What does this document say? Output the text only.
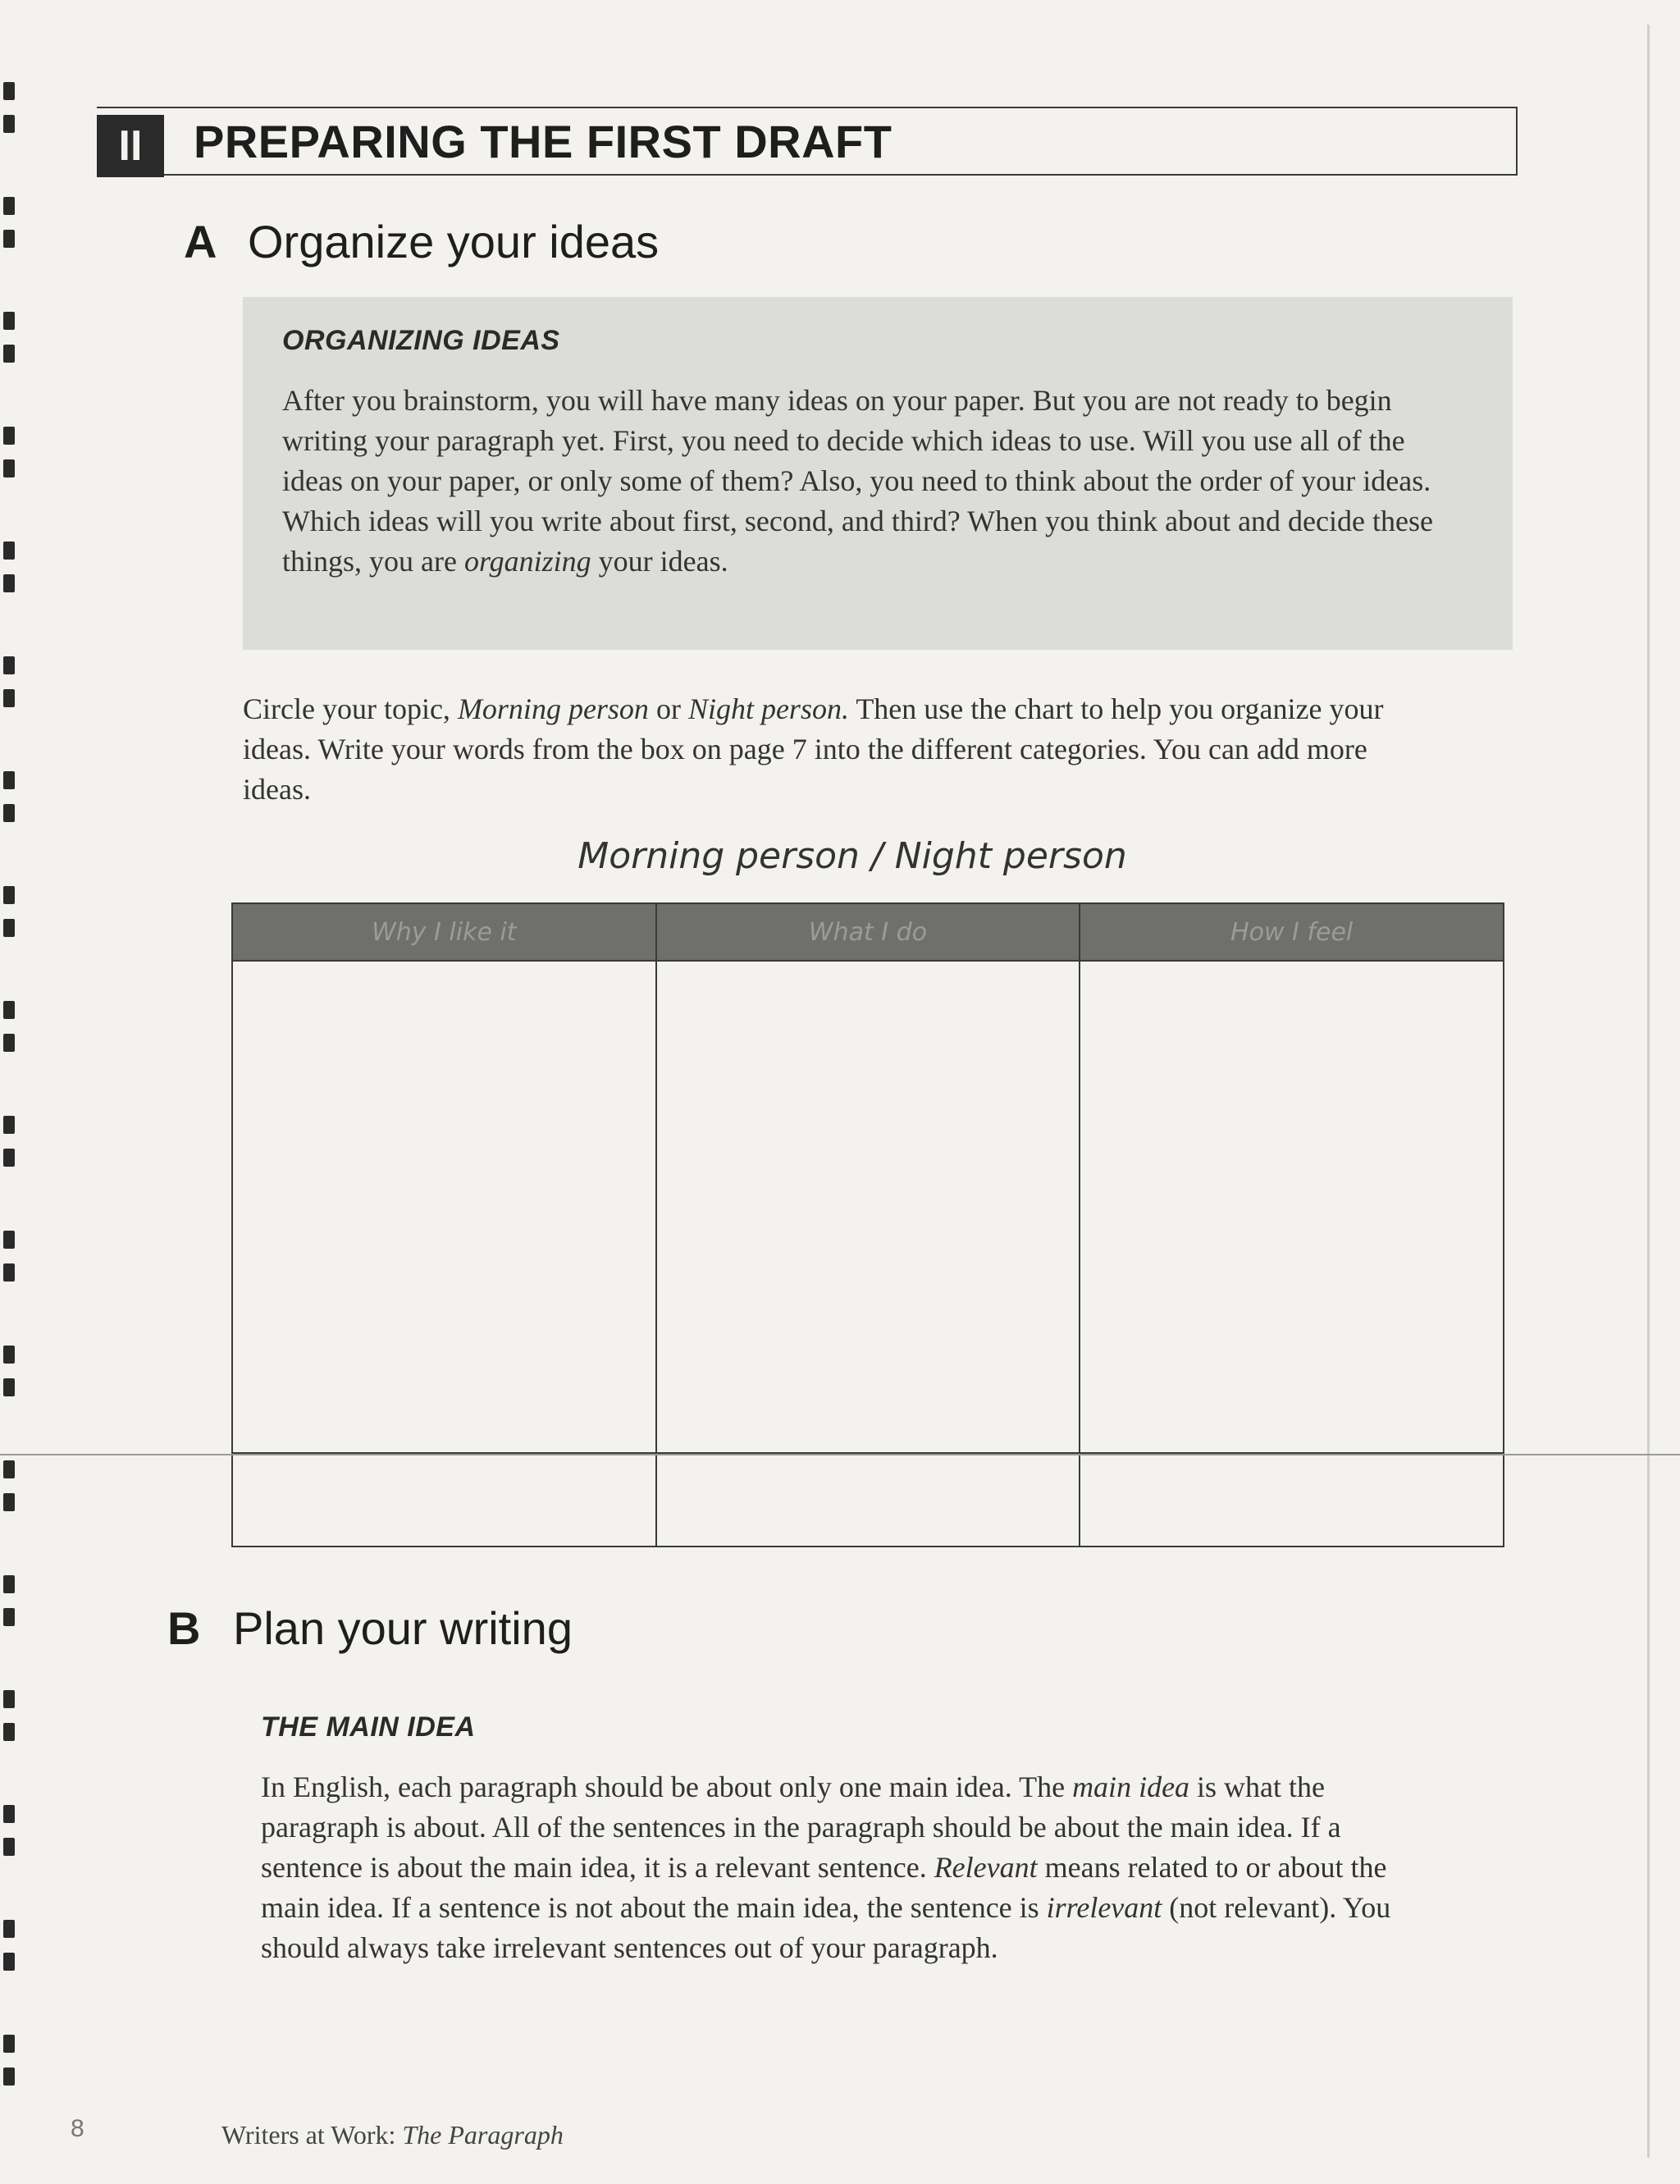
II	PREPARING THE FIRST DRAFT
A Organize your ideas
ORGANIZING IDEAS

After you brainstorm, you will have many ideas on your paper. But you are not ready to begin writing your paragraph yet. First, you need to decide which ideas to use. Will you use all of the ideas on your paper, or only some of them? Also, you need to think about the order of your ideas. Which ideas will you write about first, second, and third? When you think about and decide these things, you are organizing your ideas.

Circle your topic, Morning person or Night person. Then use the chart to help you organize your ideas. Write your words from the box on page 7 into the different categories. You can add more ideas.

Morning person / Night person
Why I like it	What I do	How I feel

B Plan your writing
THE MAIN IDEA

In English, each paragraph should be about only one main idea. The main idea is what the paragraph is about. All of the sentences in the paragraph should be about the main idea. If a sentence is about the main idea, it is a relevant sentence. Relevant means related to or about the main idea. If a sentence is not about the main idea, the sentence is irrelevant (not relevant). You should always take irrelevant sentences out of your paragraph.

8	Writers at Work: The Paragraph
